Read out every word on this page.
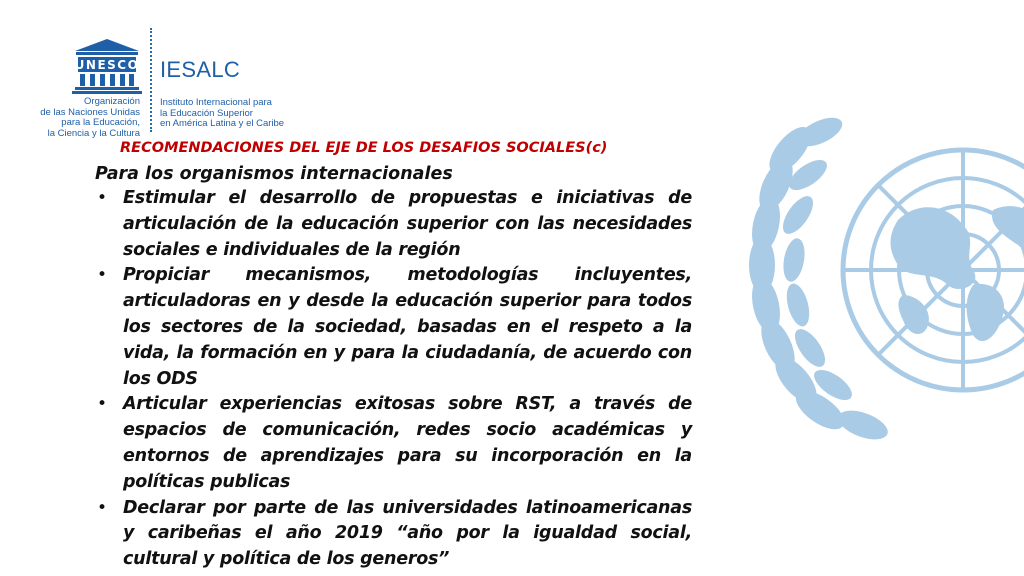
UNESCO
Organización
de las Naciones Unidas
para la Educación,
la Ciencia y la Cultura
IESALC
Instituto Internacional para
la Educación Superior
en América Latina y el Caribe
RECOMENDACIONES DEL EJE DE LOS DESAFIOS SOCIALES(c)
Para los organismos internacionales
• Estimular el desarrollo de propuestas e iniciativas de articulación de la educación superior con las necesidades sociales e individuales de la región
• Propiciar mecanismos, metodologías incluyentes, articuladoras en y desde la educación superior para todos los sectores de la sociedad, basadas en el respeto a la vida, la formación en y para la ciudadanía, de acuerdo con los ODS
• Articular experiencias exitosas sobre RST, a través de espacios de comunicación, redes socio académicas y entornos de aprendizajes para su incorporación en la políticas publicas
• Declarar por parte de las universidades latinoamericanas y caribeñas el año 2019 “año por la igualdad social, cultural y política de los generos”
